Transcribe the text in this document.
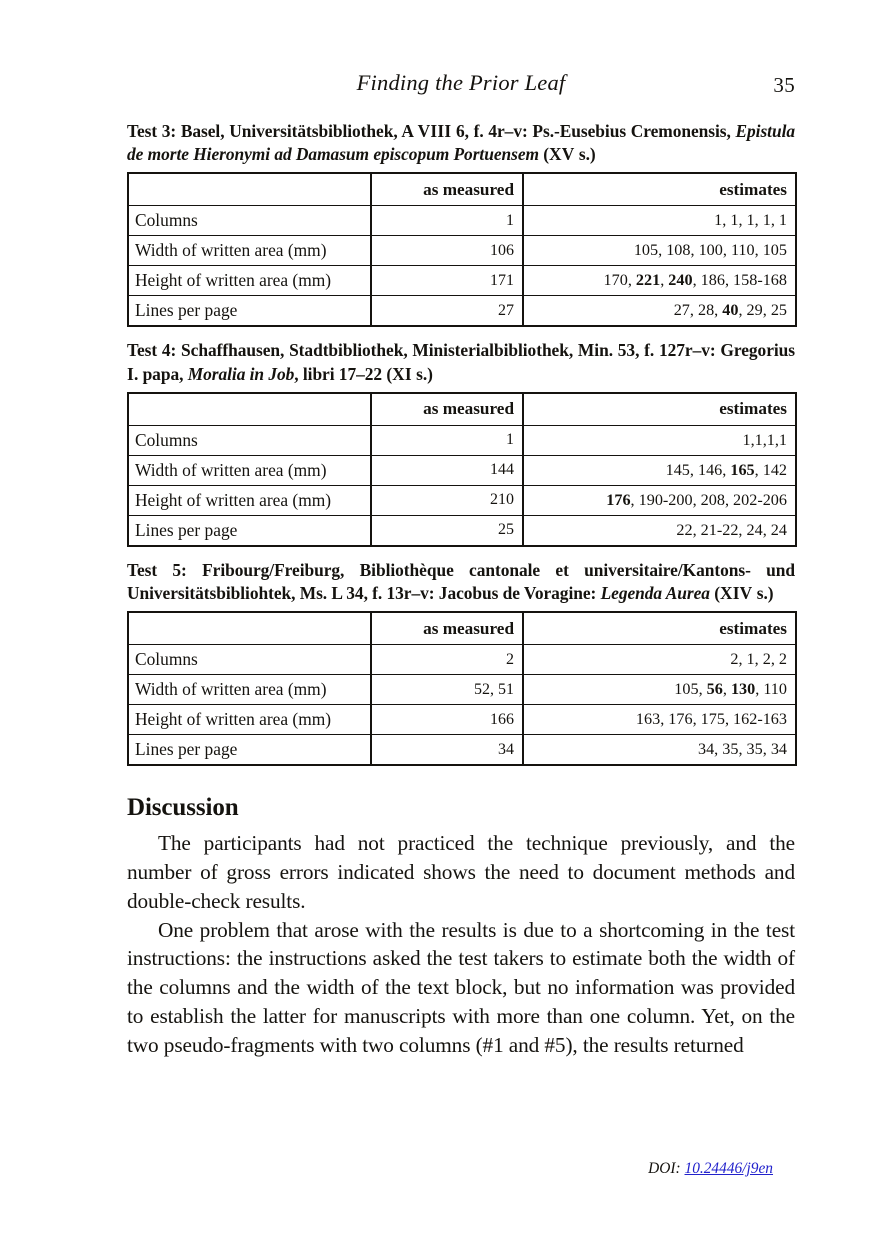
Finding the Prior Leaf	35

Test 3: Basel, Universitätsbibliothek, A VIII 6, f. 4r–v: Ps.-Eusebius Cremonensis, Epistula de morte Hieronymi ad Damasum episcopum Portuensem (XV s.)

	as measured	estimates
Columns	1	1, 1, 1, 1, 1
Width of written area (mm)	106	105, 108, 100, 110, 105
Height of written area (mm)	171	170, 221, 240, 186, 158-168
Lines per page	27	27, 28, 40, 29, 25

Test 4: Schaffhausen, Stadtbibliothek, Ministerialbibliothek, Min. 53, f. 127r–v: Gregorius I. papa, Moralia in Job, libri 17–22 (XI s.)

	as measured	estimates
Columns	1	1,1,1,1
Width of written area (mm)	144	145, 146, 165, 142
Height of written area (mm)	210	176, 190-200, 208, 202-206
Lines per page	25	22, 21-22, 24, 24

Test 5: Fribourg/Freiburg, Bibliothèque cantonale et universitaire/Kantons- und Universitätsbibliohtek, Ms. L 34, f. 13r–v: Jacobus de Voragine: Legenda Aurea (XIV s.)

	as measured	estimates
Columns	2	2, 1, 2, 2
Width of written area (mm)	52, 51	105, 56, 130, 110
Height of written area (mm)	166	163, 176, 175, 162-163
Lines per page	34	34, 35, 35, 34
Discussion

The participants had not practiced the technique previously, and the number of gross errors indicated shows the need to document methods and double-check results.

One problem that arose with the results is due to a shortcoming in the test instructions: the instructions asked the test takers to estimate both the width of the columns and the width of the text block, but no information was provided to establish the latter for manuscripts with more than one column. Yet, on the two pseudo-fragments with two columns (#1 and #5), the results returned

DOI: 10.24446/j9en
